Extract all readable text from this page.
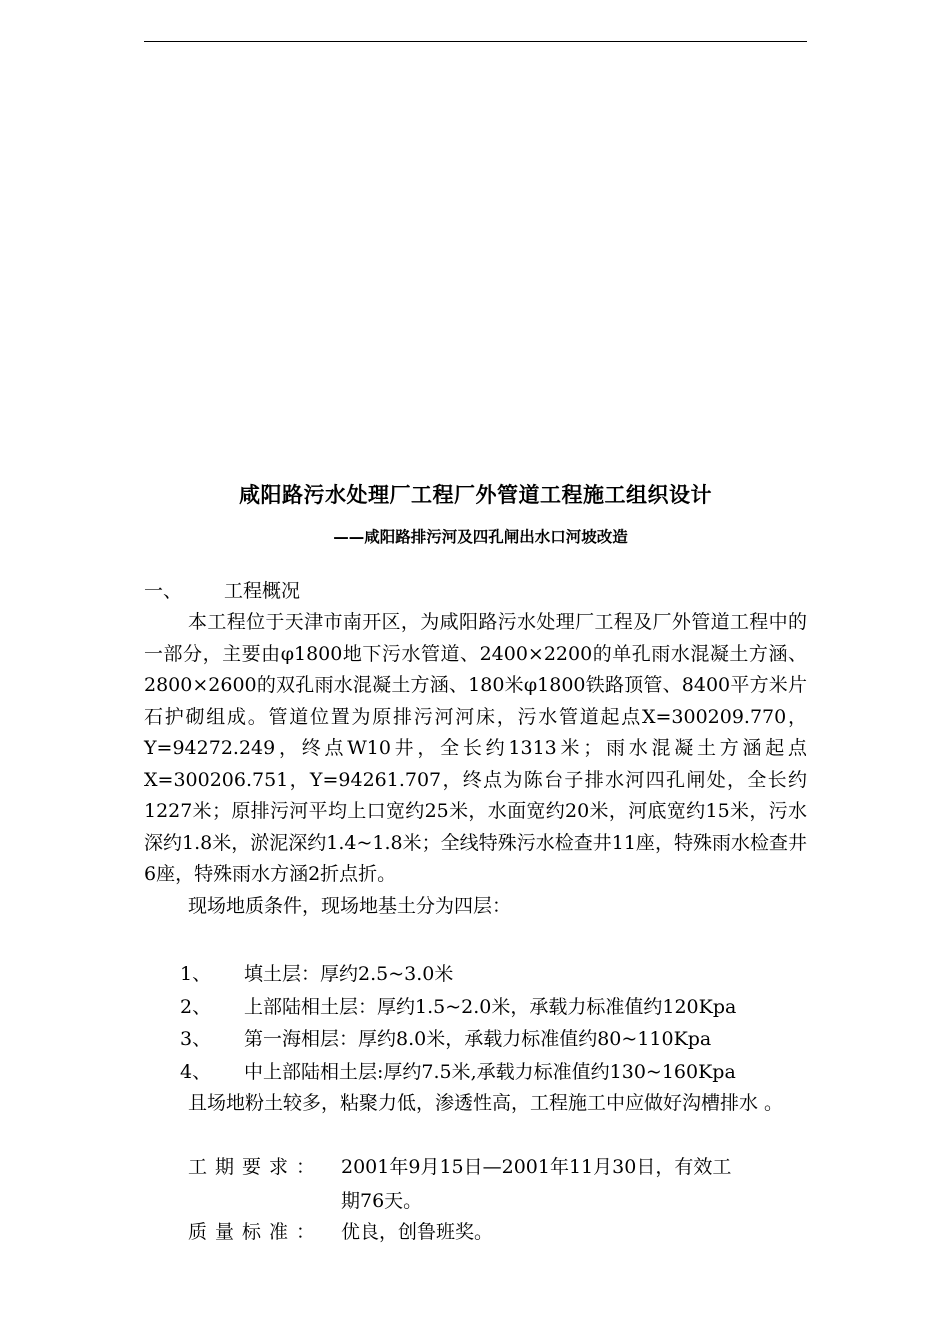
咸阳路污水处理厂工程厂外管道工程施工组织设计
——咸阳路排污河及四孔闸出水口河坡改造
一、 工程概况

本工程位于天津市南开区，为咸阳路污水处理厂工程及厂外管道工程中的一部分，主要由φ1800地下污水管道、2400×2200的单孔雨水混凝土方涵、2800×2600的双孔雨水混凝土方涵、180米φ1800铁路顶管、8400平方米片石护砌组成。管道位置为原排污河河床，污水管道起点X=300209.770，Y=94272.249，终点W10井，全长约1313米；雨水混凝土方涵起点X=300206.751，Y=94261.707，终点为陈台子排水河四孔闸处，全长约1227米；原排污河平均上口宽约25米，水面宽约20米，河底宽约15米，污水深约1.8米，淤泥深约1.4~1.8米；全线特殊污水检查井11座，特殊雨水检查井6座，特殊雨水方涵2折点折。

现场地质条件，现场地基土分为四层：

1、 填土层：厚约2.5~3.0米
2、 上部陆相土层：厚约1.5~2.0米，承载力标准值约120Kpa
3、 第一海相层：厚约8.0米，承载力标准值约80~110Kpa
4、 中上部陆相土层:厚约7.5米,承载力标准值约130~160Kpa

且场地粉土较多，粘聚力低，渗透性高，工程施工中应做好沟槽排水 。

工期要求： 2001年9月15日—2001年11月30日，有效工
期76天。
质量标准： 优良，创鲁班奖。
